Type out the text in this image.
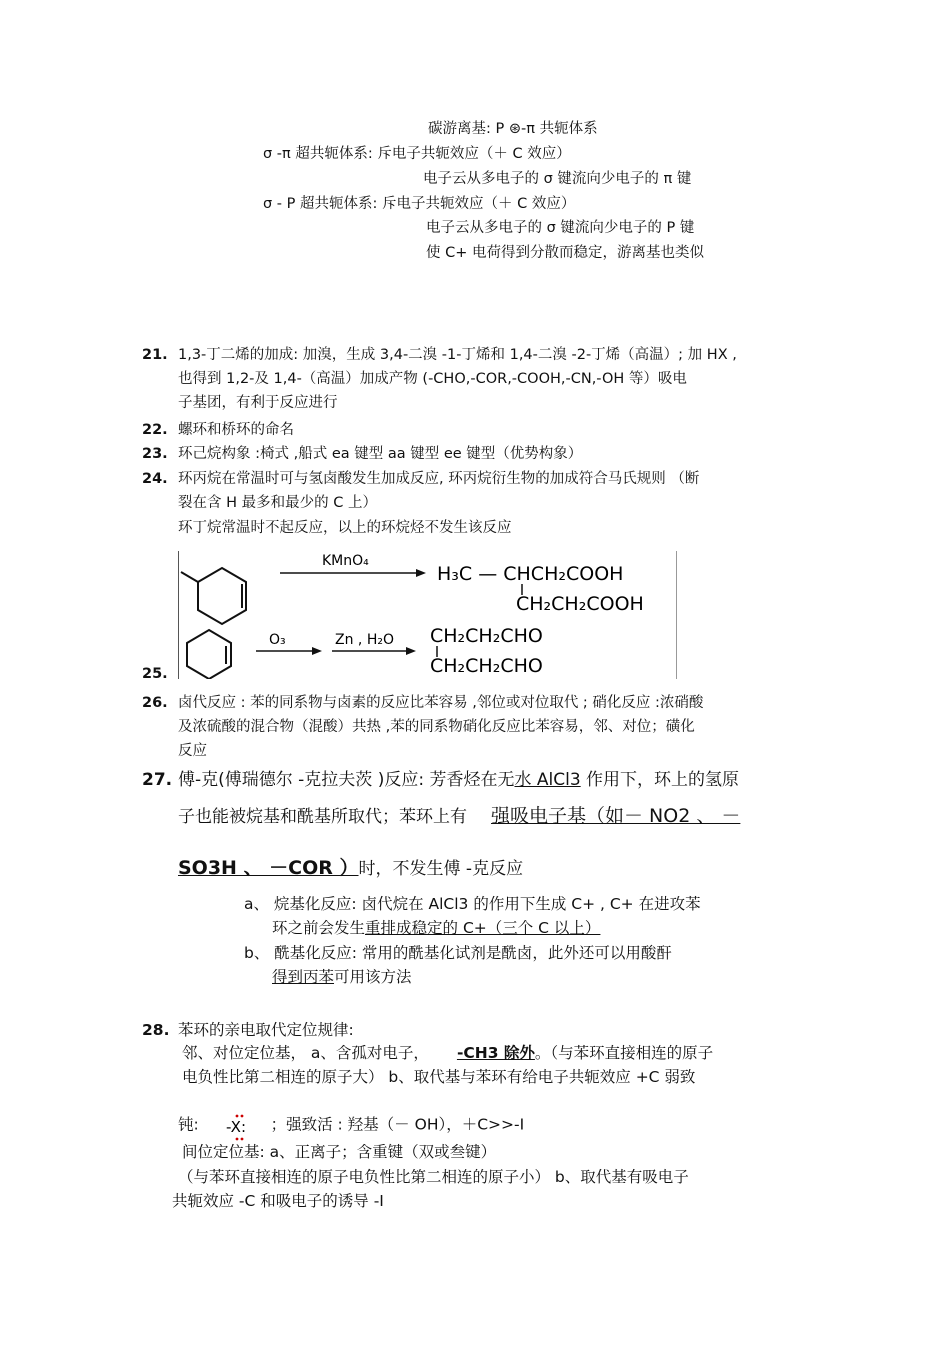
碳游离基: P ⊛-π 共轭体系
σ -π 超共轭体系: 斥电子共轭效应（＋ C 效应）
电子云从多电子的 σ 键流向少电子的 π 键
σ - P 超共轭体系: 斥电子共轭效应（＋ C 效应）
电子云从多电子的 σ 键流向少电子的 P 键
使 C+ 电荷得到分散而稳定，游离基也类似
21. 1,3-丁二烯的加成: 加溴，生成 3,4-二溴 -1-丁烯和 1,4-二溴 -2-丁烯（高温）; 加 HX ,
也得到 1,2-及 1,4-（高温）加成产物 (-CHO,-COR,-COOH,-CN,-OH 等）吸电
子基团，有利于反应进行
22. 螺环和桥环的命名
23. 环己烷构象 :椅式 ,船式 ea 键型 aa 键型 ee 键型（优势构象）
24. 环丙烷在常温时可与氢卤酸发生加成反应, 环丙烷衍生物的加成符合马氏规则 （断
裂在含 H 最多和最少的 C 上）
环丁烷常温时不起反应，以上的环烷烃不发生该反应
KMnO₄
H₃C — CHCH₂COOH
CH₂CH₂COOH
O₃	Zn , H₂O CH₂CH₂CHO
CH₂CH₂CHO
25.
26. 卤代反应 : 苯的同系物与卤素的反应比苯容易 ,邻位或对位取代 ; 硝化反应 :浓硝酸
及浓硫酸的混合物（混酸）共热 ,苯的同系物硝化反应比苯容易，邻、对位；磺化
反应
27. 傅-克(傅瑞德尔 -克拉夫茨 )反应: 芳香烃在无水 AlCl3 作用下，环上的氢原
子也能被烷基和酰基所取代；苯环上有 强吸电子基（如－ NO2 、 －
SO3H 、 －COR ）时，不发生傅 -克反应
a、 烷基化反应: 卤代烷在 AlCl3 的作用下生成 C+ , C+ 在进攻苯
环之前会发生重排成稳定的 C+（三个 C 以上）
b、 酰基化反应: 常用的酰基化试剂是酰卤，此外还可以用酸酐
得到丙苯可用该方法
28. 苯环的亲电取代定位规律:
邻、对位定位基， a、含孤对电子， -CH3 除外。（与苯环直接相连的原子
电负性比第二相连的原子大） b、取代基与苯环有给电子共轭效应 +C 弱致
钝: -X: ；强致活 : 羟基（－ OH），＋C>>-I
间位定位基: a、正离子；含重键（双或叁键）
（与苯环直接相连的原子电负性比第二相连的原子小） b、取代基有吸电子
共轭效应 -C 和吸电子的诱导 -I
